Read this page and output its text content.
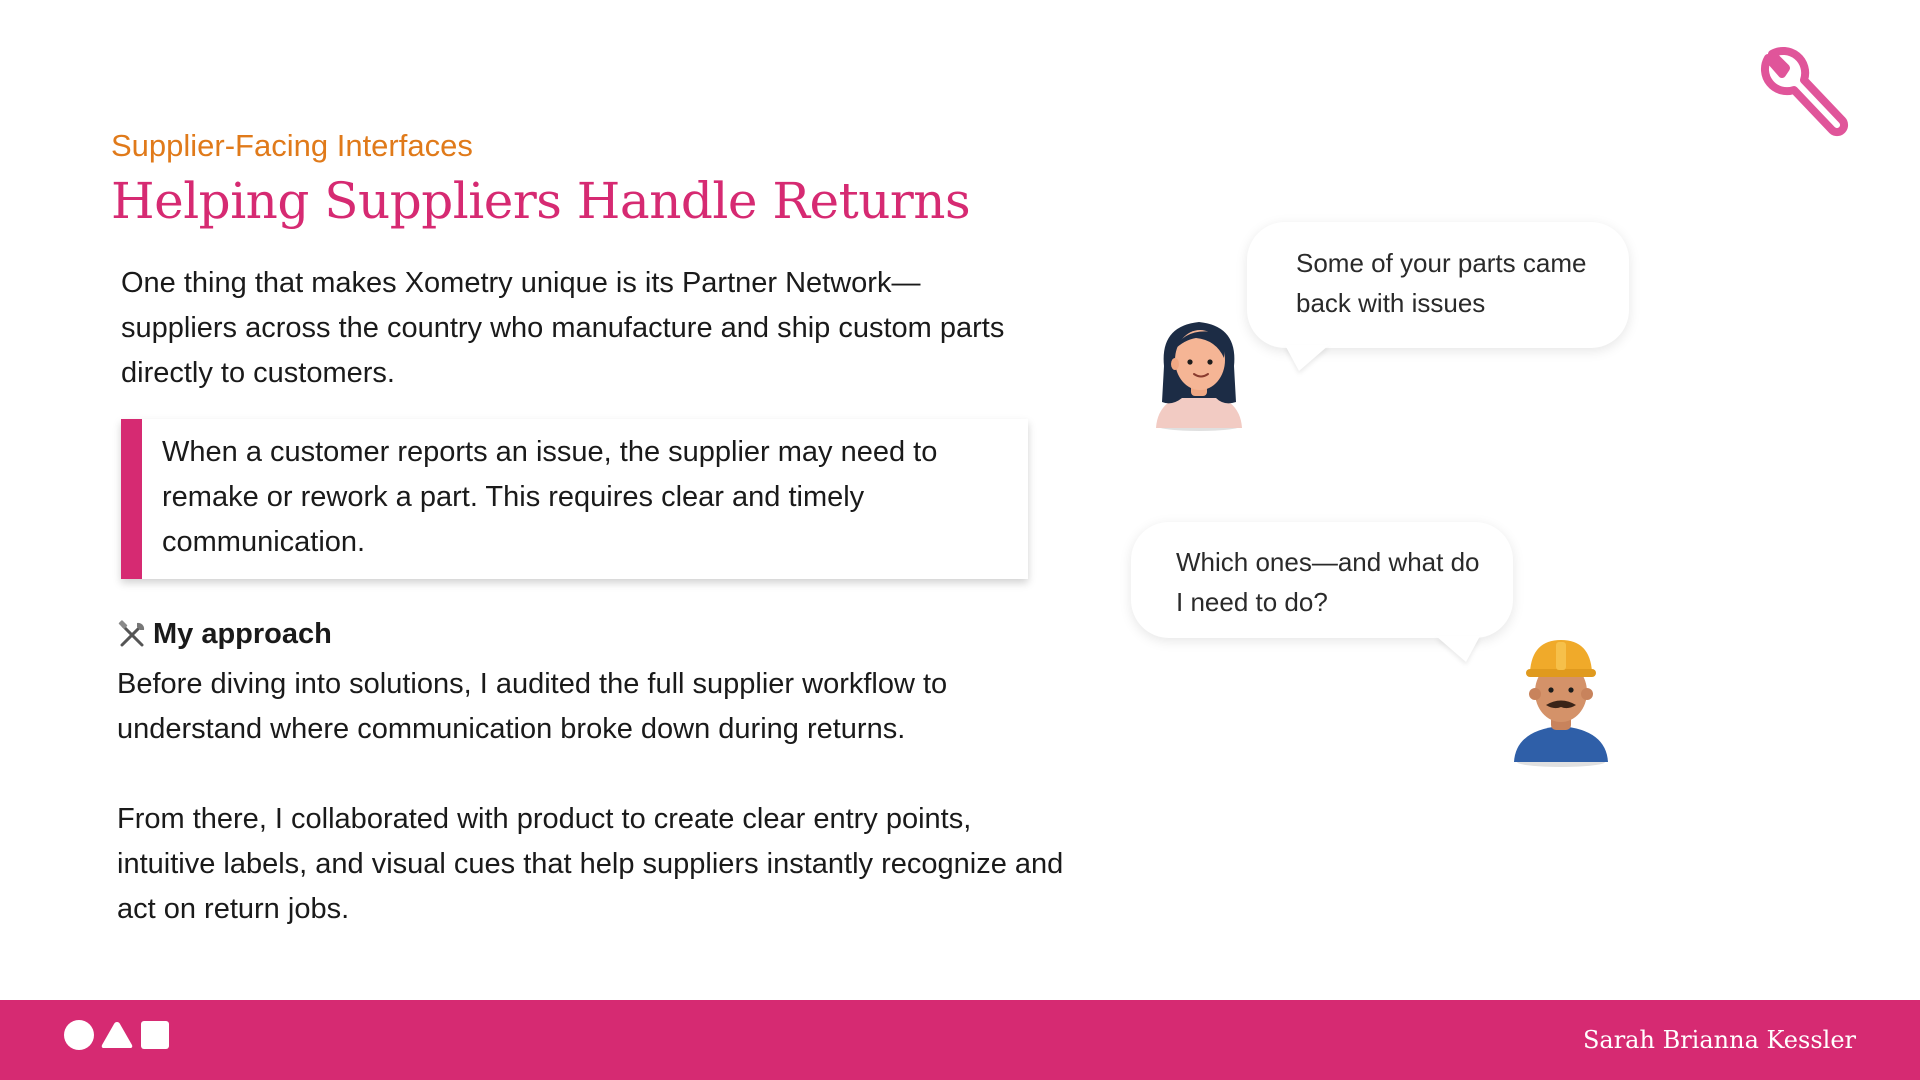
Supplier-Facing Interfaces
Helping Suppliers Handle Returns
One thing that makes Xometry unique is its Partner Network—suppliers across the country who manufacture and ship custom parts directly to customers.
When a customer reports an issue, the supplier may need to remake or rework a part. This requires clear and timely communication.
My approach

Before diving into solutions, I audited the full supplier workflow to understand where communication broke down during returns.

From there, I collaborated with product to create clear entry points, intuitive labels, and visual cues that help suppliers instantly recognize and act on return jobs.

Some of your parts came back with issues
Which ones—and what do I need to do?
Sarah Brianna Kessler
